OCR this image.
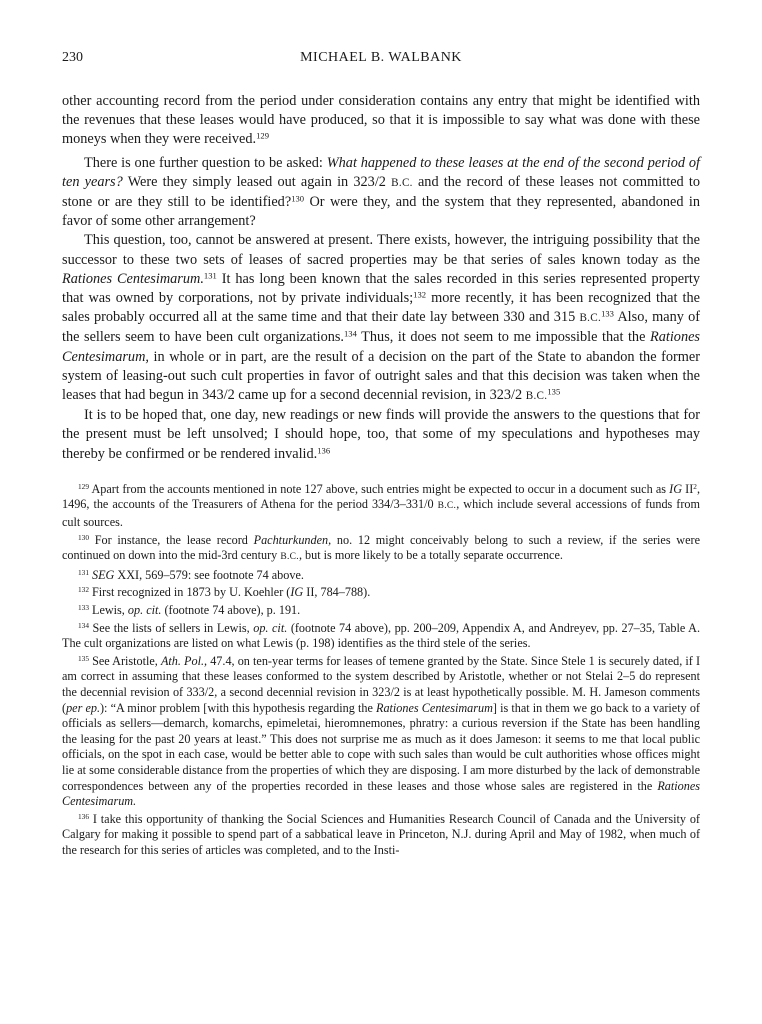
230	MICHAEL B. WALBANK

other accounting record from the period under consideration contains any entry that might be identified with the revenues that these leases would have produced, so that it is impossible to say what was done with these moneys when they were received.$^{129}$

There is one further question to be asked: What happened to these leases at the end of the second period of ten years? Were they simply leased out again in 323/2 B.C. and the record of these leases not committed to stone or are they still to be identified?$^{130}$ Or were they, and the system that they represented, abandoned in favor of some other arrangement?

This question, too, cannot be answered at present. There exists, however, the intriguing possibility that the successor to these two sets of leases of sacred properties may be that series of sales known today as the Rationes Centesimarum.$^{131}$ It has long been known that the sales recorded in this series represented property that was owned by corporations, not by private individuals;$^{132}$ more recently, it has been recognized that the sales probably occurred all at the same time and that their date lay between 330 and 315 B.C.$^{133}$ Also, many of the sellers seem to have been cult organizations.$^{134}$ Thus, it does not seem to me impossible that the Rationes Centesimarum, in whole or in part, are the result of a decision on the part of the State to abandon the former system of leasing-out such cult properties in favor of outright sales and that this decision was taken when the leases that had begun in 343/2 came up for a second decennial revision, in 323/2 B.C.$^{135}$

It is to be hoped that, one day, new readings or new finds will provide the answers to the questions that for the present must be left unsolved; I should hope, too, that some of my speculations and hypotheses may thereby be confirmed or be rendered invalid.$^{136}$

$^{129}$ Apart from the accounts mentioned in note 127 above, such entries might be expected to occur in a document such as IG $II^2$, 1496, the accounts of the Treasurers of Athena for the period 334/3–331/0 B.C., which include several accessions of funds from cult sources.

$^{130}$ For instance, the lease record Pachturkunden, no. 12 might conceivably belong to such a review, if the series were continued on down into the mid-3rd century B.C., but is more likely to be a totally separate occurrence.

$^{131}$ SEG XXI, 569–579: see footnote 74 above.

$^{132}$ First recognized in 1873 by U. Koehler (IG II, 784–788).

$^{133}$ Lewis, op. cit. (footnote 74 above), p. 191.

$^{134}$ See the lists of sellers in Lewis, op. cit. (footnote 74 above), pp. 200–209, Appendix A, and Andreyev, pp. 27–35, Table A. The cult organizations are listed on what Lewis (p. 198) identifies as the third stele of the series.

$^{135}$ See Aristotle, Ath. Pol., 47.4, on ten-year terms for leases of temene granted by the State. Since Stele 1 is securely dated, if I am correct in assuming that these leases conformed to the system described by Aristotle, whether or not Stelai 2–5 do represent the decennial revision of 333/2, a second decennial revision in 323/2 is at least hypothetically possible. M. H. Jameson comments (per ep.): “A minor problem [with this hypothesis regarding the Rationes Centesimarum] is that in them we go back to a variety of officials as sellers—demarch, komarchs, epimeletai, hieromnemones, phratry: a curious reversion if the State has been handling the leasing for the past 20 years at least.” This does not surprise me as much as it does Jameson: it seems to me that local public officials, on the spot in each case, would be better able to cope with such sales than would be cult authorities whose offices might lie at some considerable distance from the properties of which they are disposing. I am more disturbed by the lack of demonstrable correspondences between any of the properties recorded in these leases and those whose sales are registered in the Rationes Centesimarum.

$^{136}$ I take this opportunity of thanking the Social Sciences and Humanities Research Council of Canada and the University of Calgary for making it possible to spend part of a sabbatical leave in Princeton, N.J. during April and May of 1982, when much of the research for this series of articles was completed, and to the Insti-
